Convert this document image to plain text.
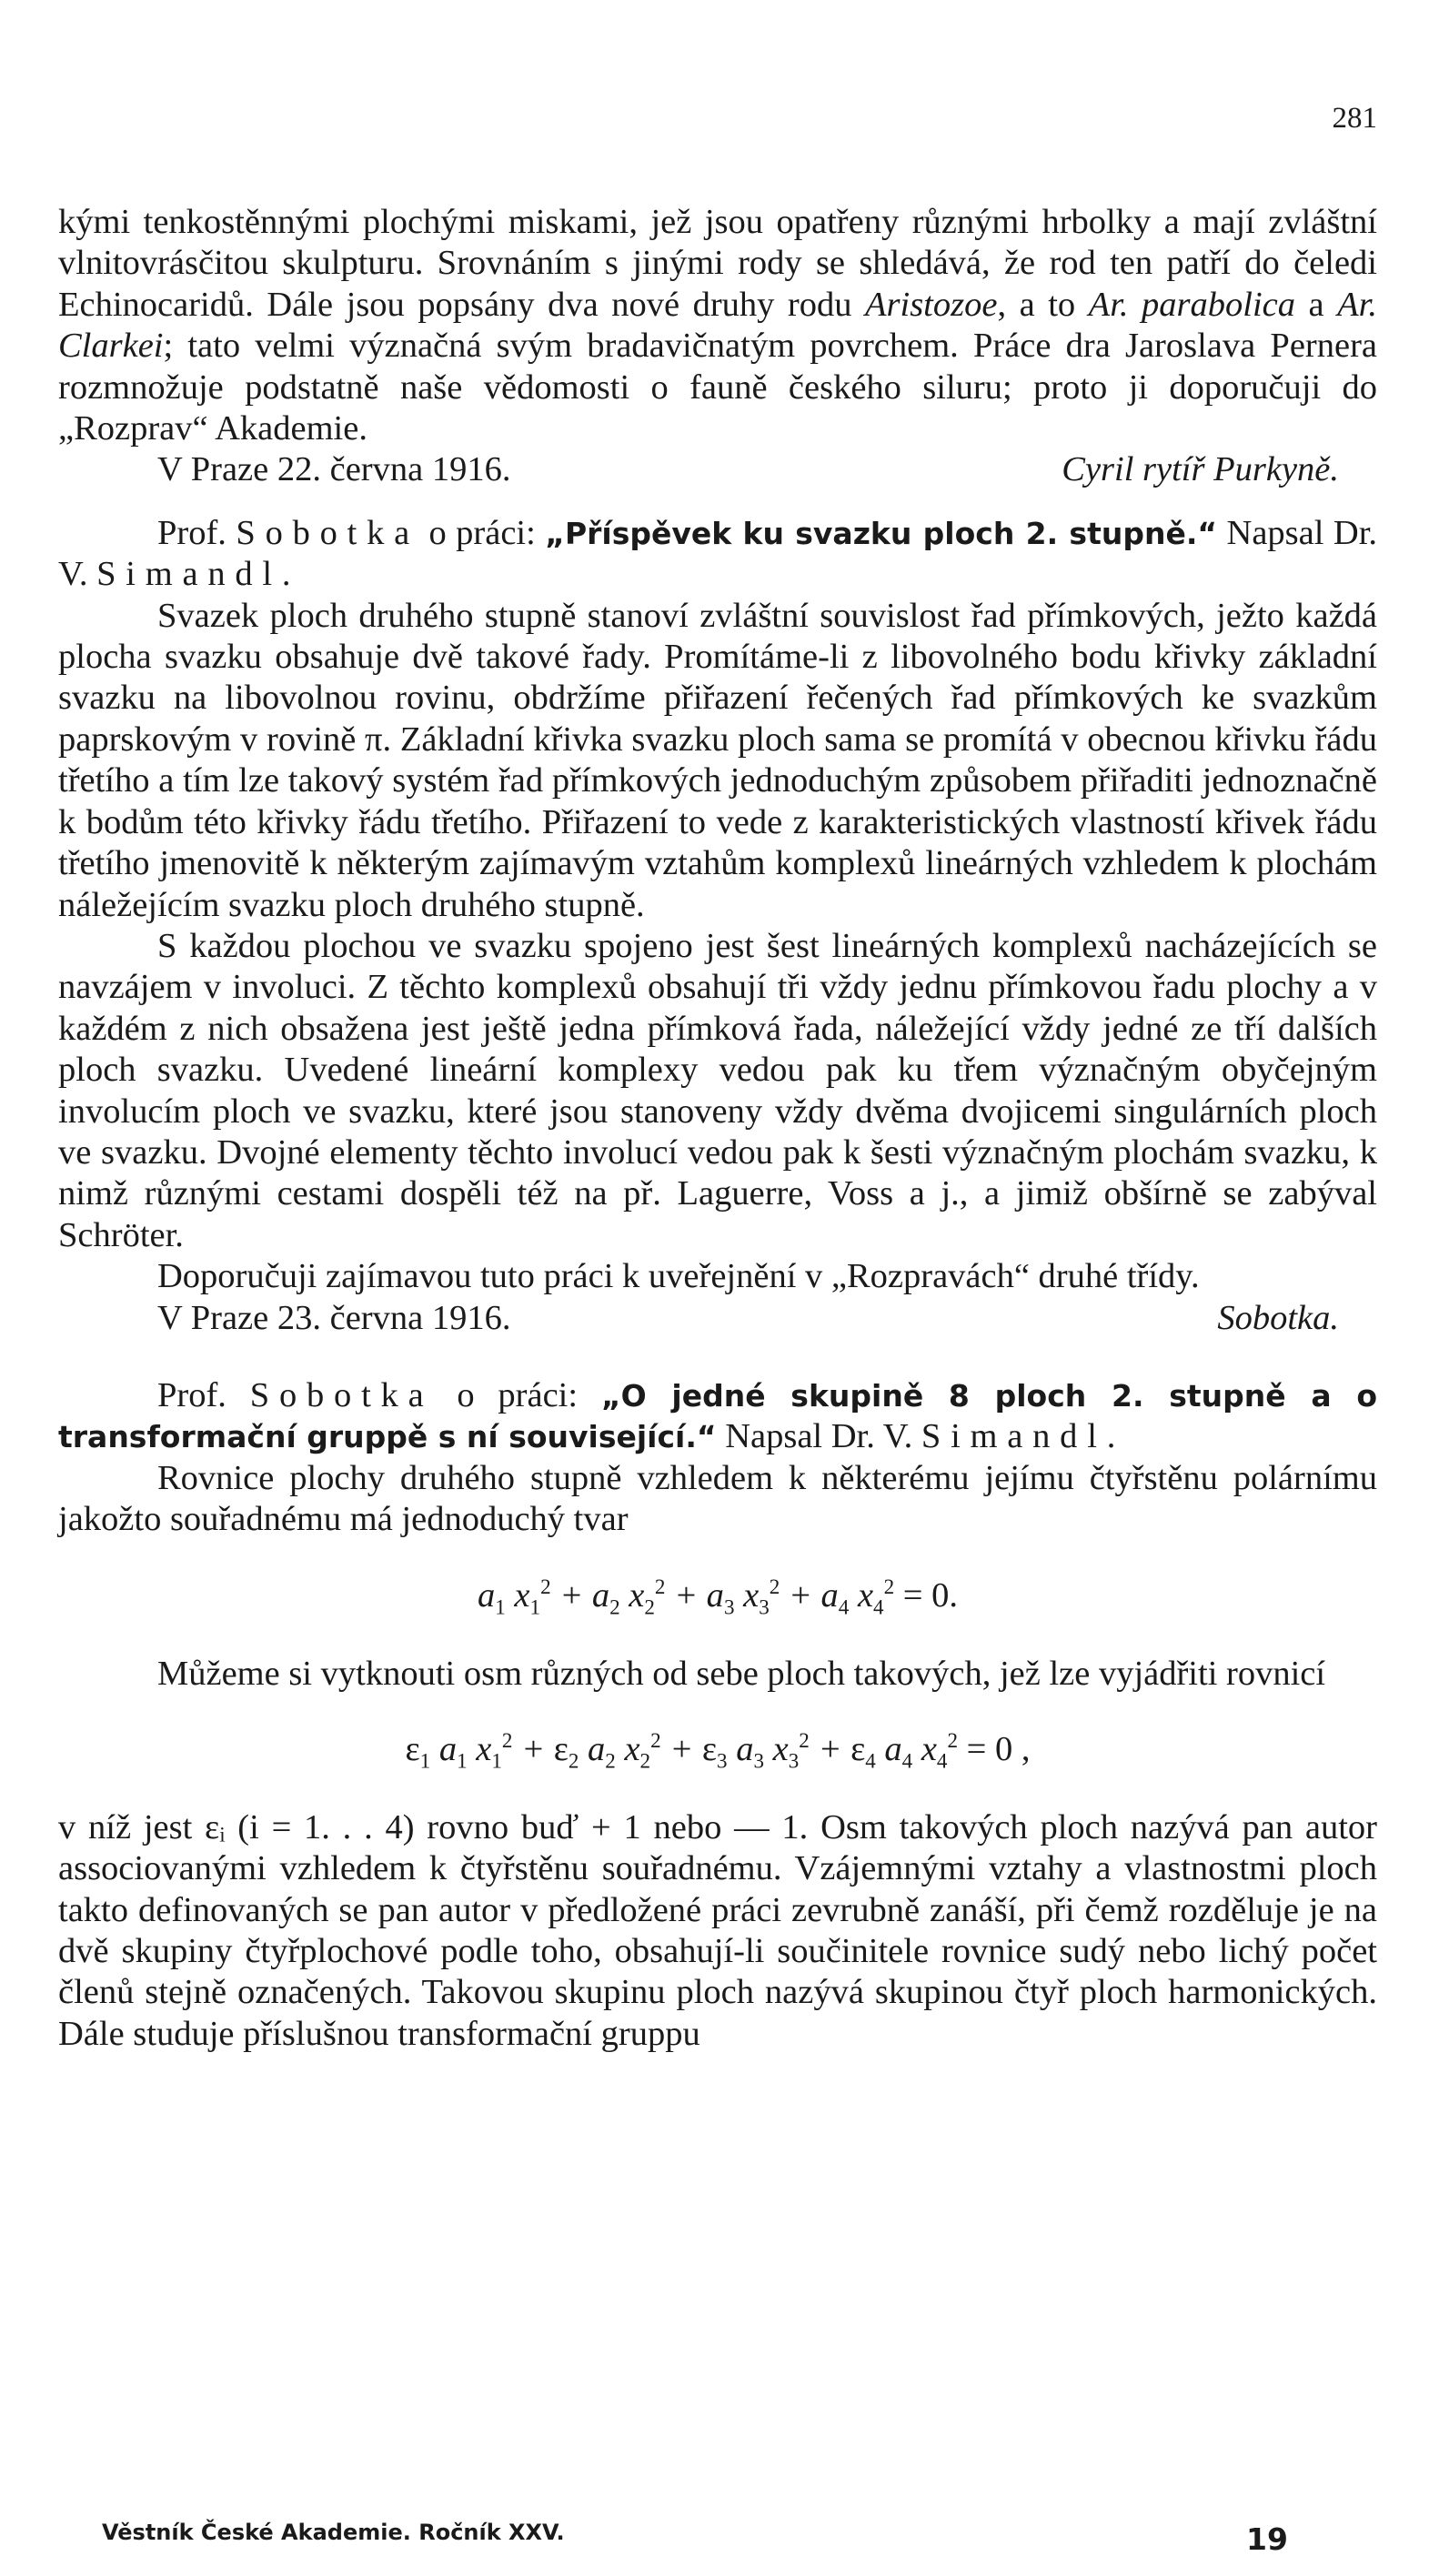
281

kými tenkostěnnými plochými miskami, jež jsou opatřeny různými hrbolky a mají zvláštní vlnitovrásčitou skulpturu. Srovnáním s jinými rody se shledává, že rod ten patří do čeledi Echinocaridů. Dále jsou popsány dva nové druhy rodu Aristozoe, a to Ar. parabolica a Ar. Clarkei; tato velmi význačná svým bradavičnatým povrchem. Práce dra Jaroslava Pernera rozmnožuje podstatně naše vědomosti o fauně českého siluru; proto ji doporučuji do „Rozprav“ Akademie.

V Praze 22. června 1916.	Cyril rytíř Purkyně.

Prof. Sobotka o práci: „Příspěvek ku svazku ploch 2. stupně.“ Napsal Dr. V. Simandl.

Svazek ploch druhého stupně stanoví zvláštní souvislost řad přímkových, ježto každá plocha svazku obsahuje dvě takové řady. Promítáme-li z libovolného bodu křivky základní svazku na libovolnou rovinu, obdržíme přiřazení řečených řad přímkových ke svazkům paprskovým v rovině π. Základní křivka svazku ploch sama se promítá v obecnou křivku řádu třetího a tím lze takový systém řad přímkových jednoduchým způsobem přiřaditi jednoznačně k bodům této křivky řádu třetího. Přiřazení to vede z karakteristických vlastností křivek řádu třetího jmenovitě k některým zajímavým vztahům komplexů lineárných vzhledem k plochám náležejícím svazku ploch druhého stupně.

S každou plochou ve svazku spojeno jest šest lineárných komplexů nacházejících se navzájem v involuci. Z těchto komplexů obsahují tři vždy jednu přímkovou řadu plochy a v každém z nich obsažena jest ještě jedna přímková řada, náležející vždy jedné ze tří dalších ploch svazku. Uvedené lineární komplexy vedou pak ku třem význačným obyčejným involucím ploch ve svazku, které jsou stanoveny vždy dvěma dvojicemi singulárních ploch ve svazku. Dvojné elementy těchto involucí vedou pak k šesti význačným plochám svazku, k nimž různými cestami dospěli též na př. Laguerre, Voss a j., a jimiž obšírně se zabýval Schröter.

Doporučuji zajímavou tuto práci k uveřejnění v „Rozpravách“ druhé třídy.

V Praze 23. června 1916.	Sobotka.

Prof. Sobotka o práci: „O jedné skupině 8 ploch 2. stupně a o transformační gruppě s ní související.“ Napsal Dr. V. Simandl.

Rovnice plochy druhého stupně vzhledem k některému jejímu čtyřstěnu polárnímu jakožto souřadnému má jednoduchý tvar

$a_1$ $x_1^2 + a_2$ $x_2^2 + a_3$ $x_3^2 + a_4$ $x_4^2 = 0$.

Můžeme si vytknouti osm různých od sebe ploch takových, jež lze vyjádřiti rovnicí

$\varepsilon_1$ $a_1$ $x_1^2 + \varepsilon_2$ $a_2$ $x_2^2 + \varepsilon_3$ $a_3$ $x_3^2 + \varepsilon_4$ $a_4$ $x_4^2 = 0$ ,

v níž jest εᵢ (i = 1. . . 4) rovno buď + 1 nebo — 1. Osm takových ploch nazývá pan autor associovanými vzhledem k čtyřstěnu souřadnému. Vzájemnými vztahy a vlastnostmi ploch takto definovaných se pan autor v předložené práci zevrubně zanáší, při čemž rozděluje je na dvě skupiny čtyřplochové podle toho, obsahují-li součinitele rovnice sudý nebo lichý počet členů stejně označených. Takovou skupinu ploch nazývá skupinou čtyř ploch harmonických. Dále studuje příslušnou transformační gruppu

Věstník České Akademie. Ročník XXV.	19
